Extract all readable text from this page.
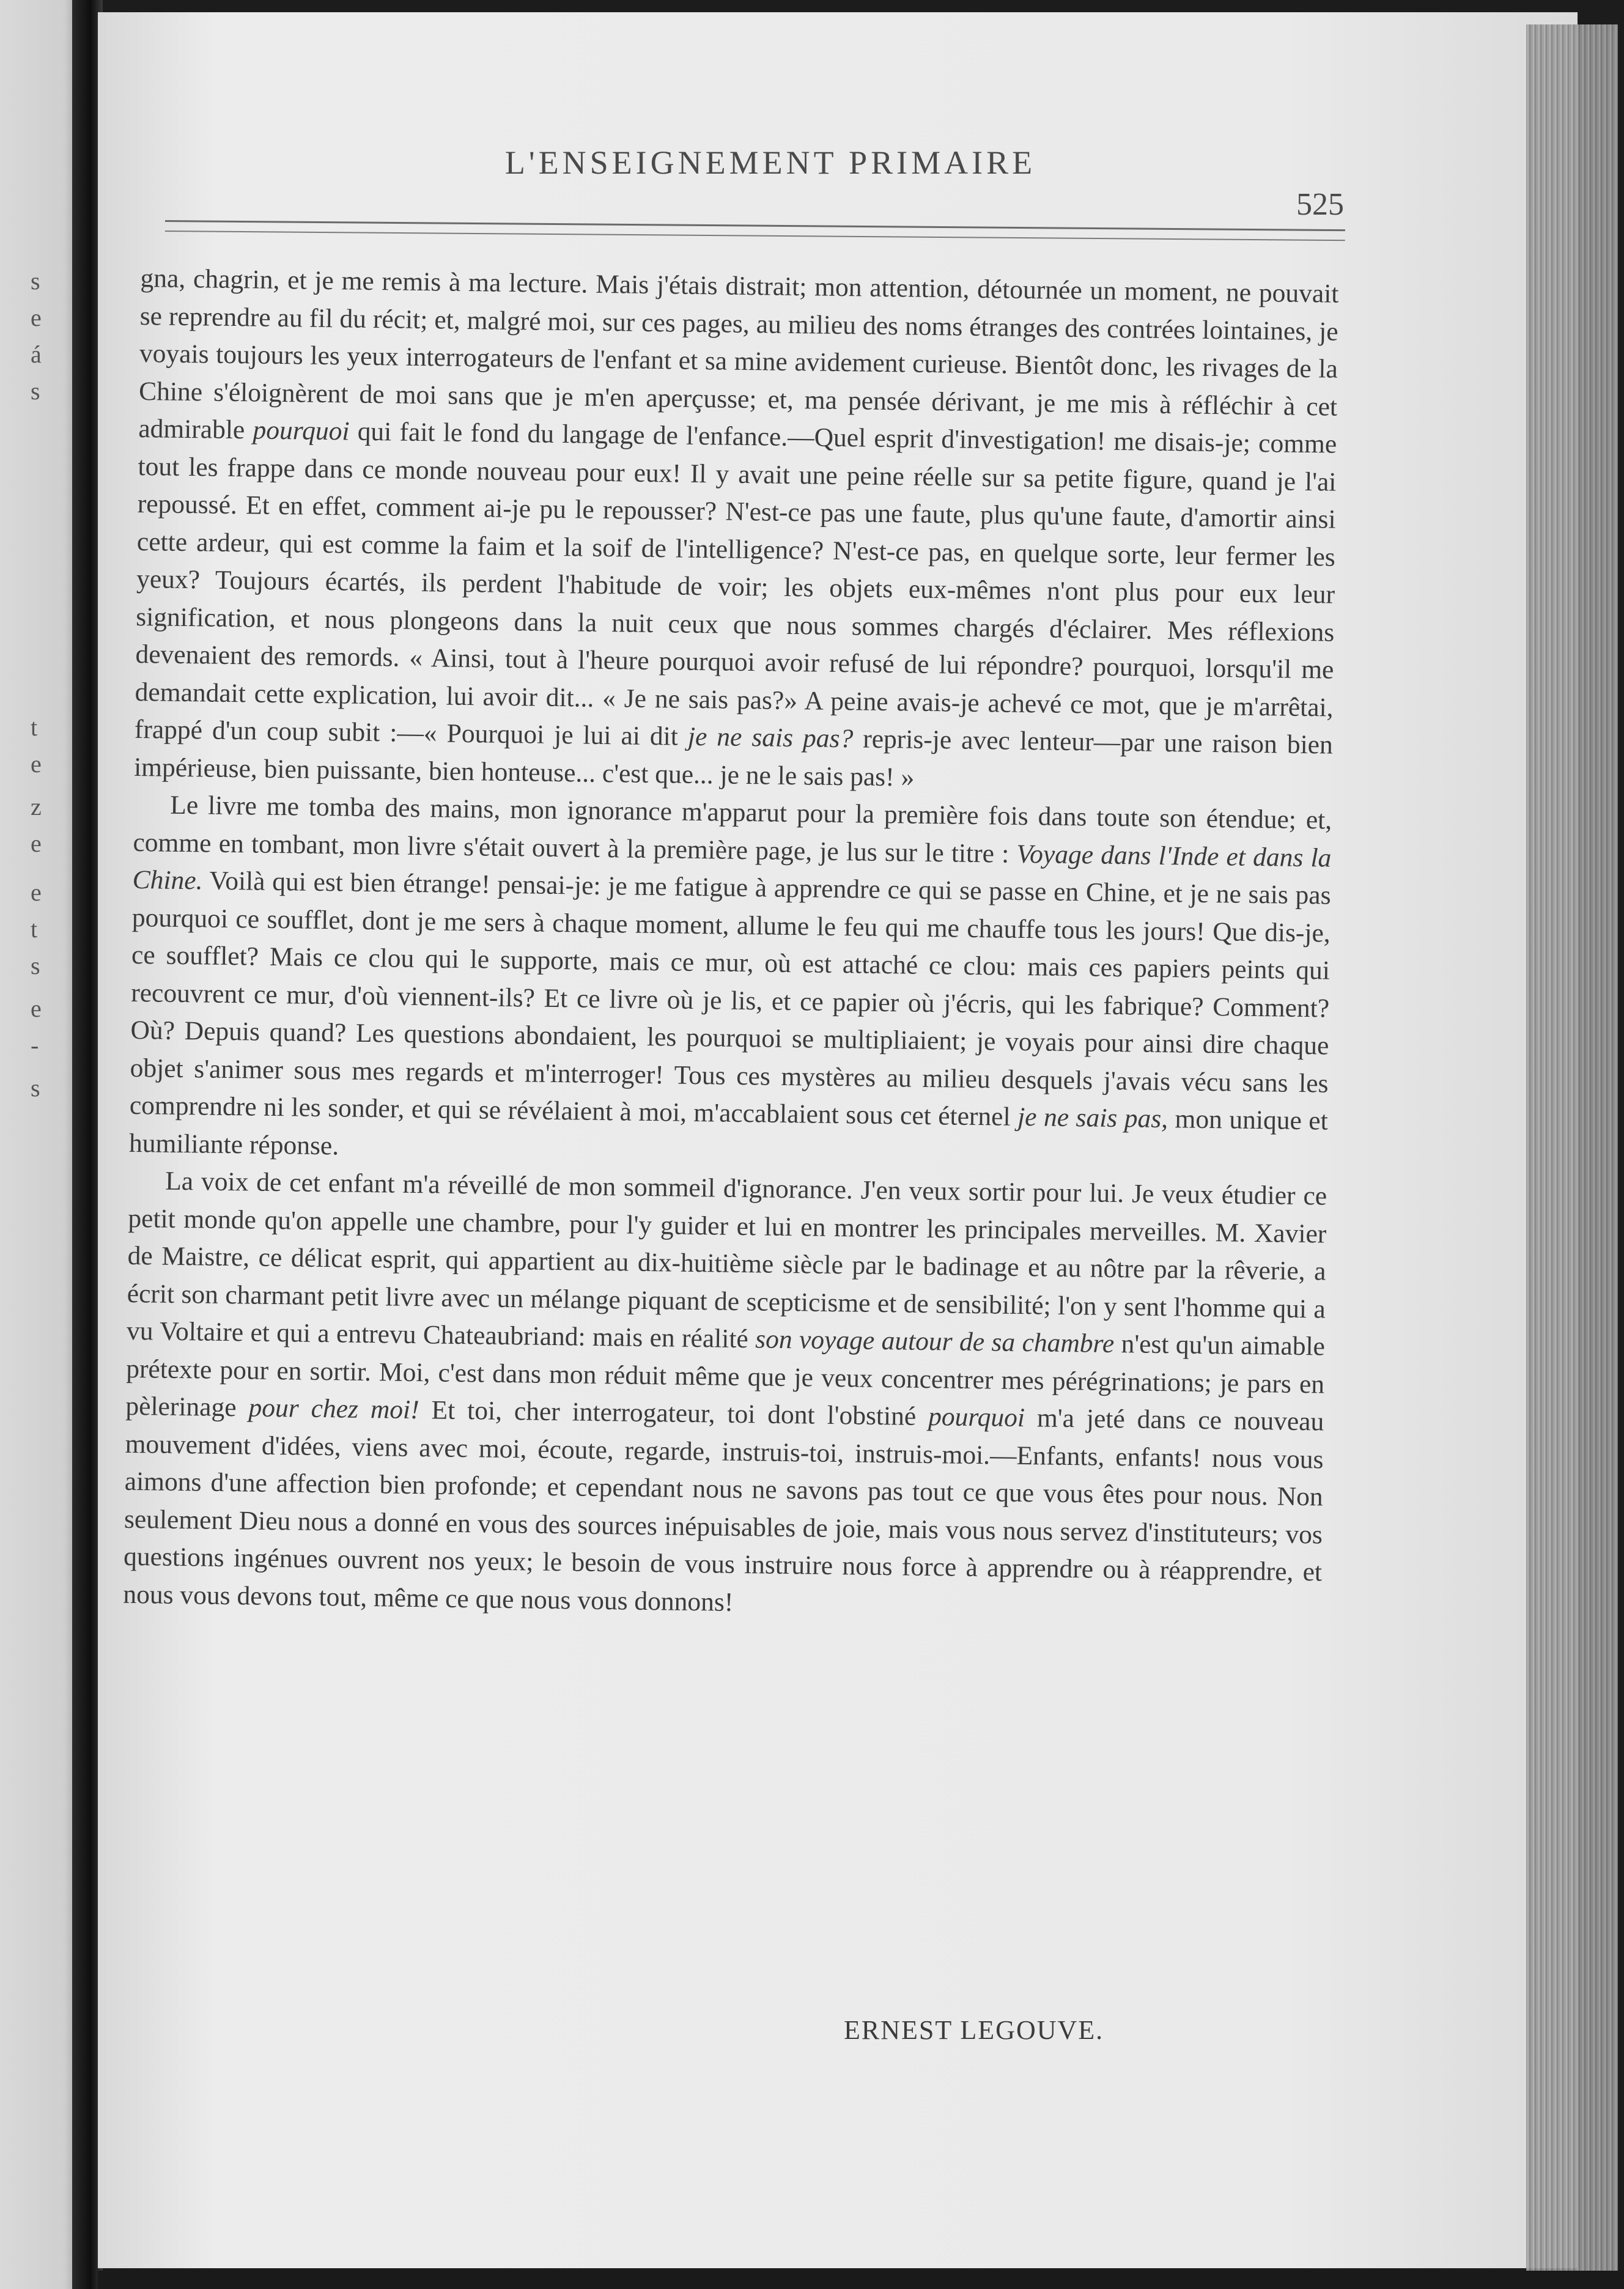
s
e
á
s
t
e
z
e
e
t
s
e
-
s
L'ENSEIGNEMENT PRIMAIRE
525

gna, chagrin, et je me remis à ma lecture. Mais j'étais distrait; mon attention, détournée un moment, ne pouvait se reprendre au fil du récit; et, malgré moi, sur ces pages, au milieu des noms étranges des contrées lointaines, je voyais toujours les yeux interrogateurs de l'enfant et sa mine avidement curieuse. Bientôt donc, les rivages de la Chine s'éloignèrent de moi sans que je m'en aperçusse; et, ma pensée dérivant, je me mis à réfléchir à cet admirable pourquoi qui fait le fond du langage de l'enfance.—Quel esprit d'investigation! me disais-je; comme tout les frappe dans ce monde nouveau pour eux! Il y avait une peine réelle sur sa petite figure, quand je l'ai repoussé. Et en effet, comment ai-je pu le repousser? N'est-ce pas une faute, plus qu'une faute, d'amortir ainsi cette ardeur, qui est comme la faim et la soif de l'intelligence? N'est-ce pas, en quelque sorte, leur fermer les yeux? Toujours écartés, ils perdent l'habitude de voir; les objets eux-mêmes n'ont plus pour eux leur signification, et nous plongeons dans la nuit ceux que nous sommes chargés d'éclairer. Mes réflexions devenaient des remords. « Ainsi, tout à l'heure pourquoi avoir refusé de lui répondre? pourquoi, lorsqu'il me demandait cette explication, lui avoir dit... « Je ne sais pas?» A peine avais-je achevé ce mot, que je m'arrêtai, frappé d'un coup subit :—« Pourquoi je lui ai dit je ne sais pas? repris-je avec lenteur—par une raison bien impérieuse, bien puissante, bien honteuse... c'est que... je ne le sais pas! »

Le livre me tomba des mains, mon ignorance m'apparut pour la première fois dans toute son étendue; et, comme en tombant, mon livre s'était ouvert à la première page, je lus sur le titre : Voyage dans l'Inde et dans la Chine. Voilà qui est bien étrange! pensai-je: je me fatigue à apprendre ce qui se passe en Chine, et je ne sais pas pourquoi ce soufflet, dont je me sers à chaque moment, allume le feu qui me chauffe tous les jours! Que dis-je, ce soufflet? Mais ce clou qui le supporte, mais ce mur, où est attaché ce clou: mais ces papiers peints qui recouvrent ce mur, d'où viennent-ils? Et ce livre où je lis, et ce papier où j'écris, qui les fabrique? Comment? Où? Depuis quand? Les questions abondaient, les pourquoi se multipliaient; je voyais pour ainsi dire chaque objet s'animer sous mes regards et m'interroger! Tous ces mystères au milieu desquels j'avais vécu sans les comprendre ni les sonder, et qui se révélaient à moi, m'accablaient sous cet éternel je ne sais pas, mon unique et humiliante réponse.

La voix de cet enfant m'a réveillé de mon sommeil d'ignorance. J'en veux sortir pour lui. Je veux étudier ce petit monde qu'on appelle une chambre, pour l'y guider et lui en montrer les principales merveilles. M. Xavier de Maistre, ce délicat esprit, qui appartient au dix-huitième siècle par le badinage et au nôtre par la rêverie, a écrit son charmant petit livre avec un mélange piquant de scepticisme et de sensibilité; l'on y sent l'homme qui a vu Voltaire et qui a entrevu Chateaubriand: mais en réalité son voyage autour de sa chambre n'est qu'un aimable prétexte pour en sortir. Moi, c'est dans mon réduit même que je veux concentrer mes pérégrinations; je pars en pèlerinage pour chez moi! Et toi, cher interrogateur, toi dont l'obstiné pourquoi m'a jeté dans ce nouveau mouvement d'idées, viens avec moi, écoute, regarde, instruis-toi, instruis-moi.—Enfants, enfants! nous vous aimons d'une affection bien profonde; et cependant nous ne savons pas tout ce que vous êtes pour nous. Non seulement Dieu nous a donné en vous des sources inépuisables de joie, mais vous nous servez d'instituteurs; vos questions ingénues ouvrent nos yeux; le besoin de vous instruire nous force à apprendre ou à réapprendre, et nous vous devons tout, même ce que nous vous donnons!

ERNEST LEGOUVE.
